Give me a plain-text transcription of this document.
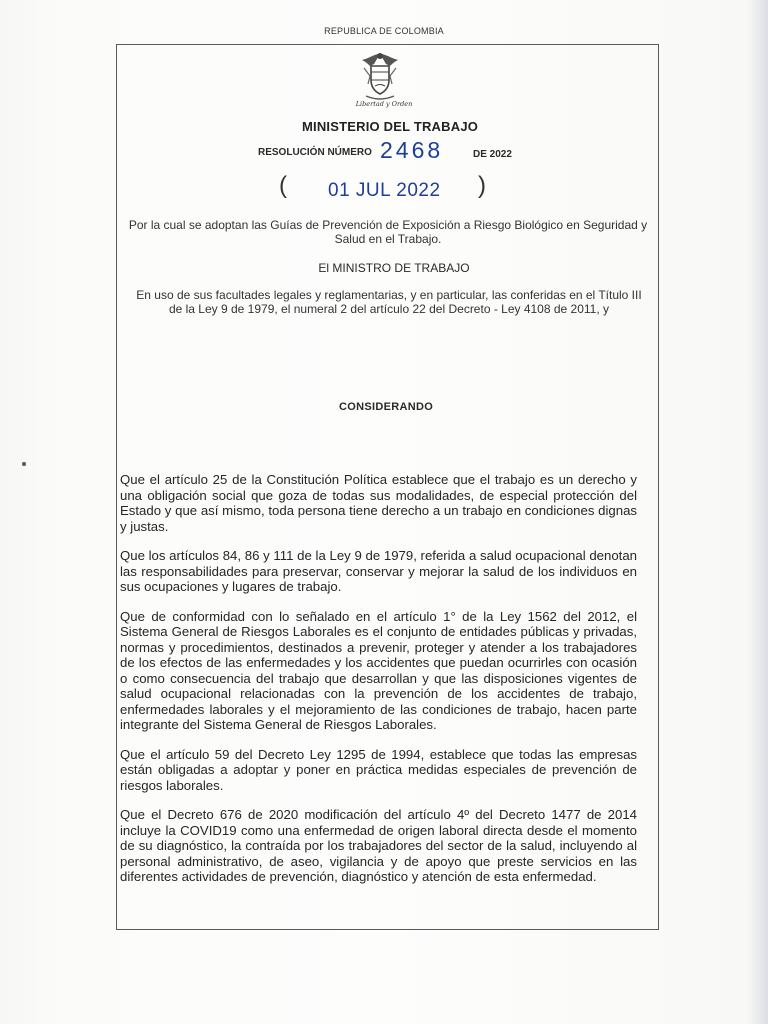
REPUBLICA DE COLOMBIA
Libertad y Orden
MINISTERIO DEL TRABAJO
RESOLUCIÓN NÚMERO 2468	DE 2022
( 01 JUL 2022 )
Por la cual se adoptan las Guías de Prevención de Exposición a Riesgo Biológico en Seguridad y Salud en el Trabajo.
El MINISTRO DE TRABAJO
En uso de sus facultades legales y reglamentarias, y en particular, las conferidas en el Título III de la Ley 9 de 1979, el numeral 2 del artículo 22 del Decreto - Ley 4108 de 2011, y
CONSIDERANDO

Que el artículo 25 de la Constitución Política establece que el trabajo es un derecho y una obligación social que goza de todas sus modalidades, de especial protección del Estado y que así mismo, toda persona tiene derecho a un trabajo en condiciones dignas y justas.

Que los artículos 84, 86 y 111 de la Ley 9 de 1979, referida a salud ocupacional denotan las responsabilidades para preservar, conservar y mejorar la salud de los individuos en sus ocupaciones y lugares de trabajo.

Que de conformidad con lo señalado en el artículo 1° de la Ley 1562 del 2012, el Sistema General de Riesgos Laborales es el conjunto de entidades públicas y privadas, normas y procedimientos, destinados a prevenir, proteger y atender a los trabajadores de los efectos de las enfermedades y los accidentes que puedan ocurrirles con ocasión o como consecuencia del trabajo que desarrollan y que las disposiciones vigentes de salud ocupacional relacionadas con la prevención de los accidentes de trabajo, enfermedades laborales y el mejoramiento de las condiciones de trabajo, hacen parte integrante del Sistema General de Riesgos Laborales.

Que el artículo 59 del Decreto Ley 1295 de 1994, establece que todas las empresas están obligadas a adoptar y poner en práctica medidas especiales de prevención de riesgos laborales.

Que el Decreto 676 de 2020 modificación del artículo 4º del Decreto 1477 de 2014 incluye la COVID19 como una enfermedad de origen laboral directa desde el momento de su diagnóstico, la contraída por los trabajadores del sector de la salud, incluyendo al personal administrativo, de aseo, vigilancia y de apoyo que preste servicios en las diferentes actividades de prevención, diagnóstico y atención de esta enfermedad.
